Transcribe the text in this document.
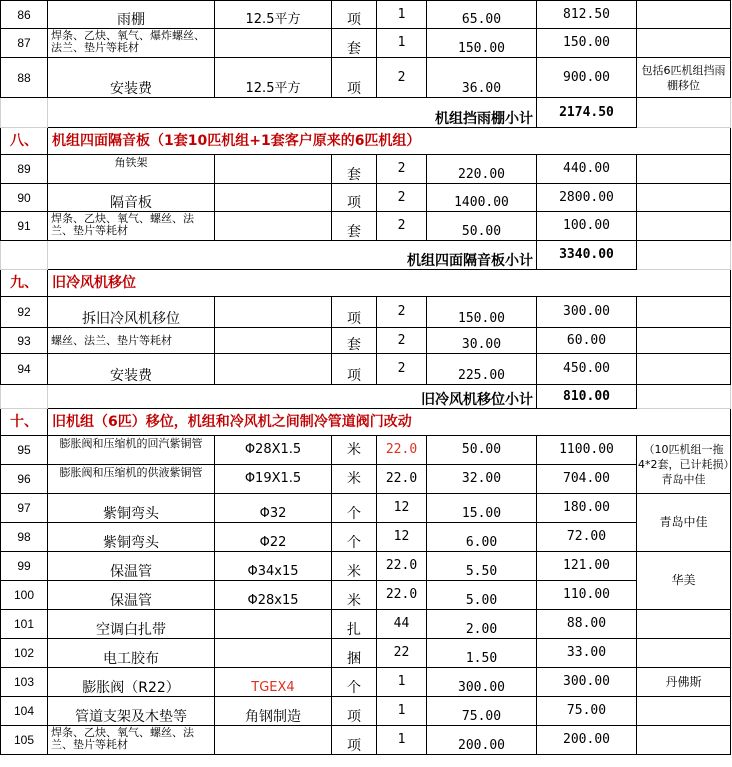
86	雨棚	12.5平方	项	1	65.00	812.50	
87	焊条、乙炔、氧气、爆炸螺丝、法兰、垫片等耗材		套	1	150.00	150.00	
88	安装费	12.5平方	项	2	36.00	900.00	包括6匹机组挡雨棚移位
	机组挡雨棚小计					2174.50	
八、	机组四面隔音板（1套10匹机组+1套客户原来的6匹机组）						
89	角铁架		套	2	220.00	440.00	
90	隔音板		项	2	1400.00	2800.00	
91	焊条、乙炔、氧气、螺丝、法兰、垫片等耗材		套	2	50.00	100.00	
	机组四面隔音板小计					3340.00	
九、	旧冷风机移位						
92	拆旧冷风机移位		项	2	150.00	300.00	
93	螺丝、法兰、垫片等耗材		套	2	30.00	60.00	
94	安装费		项	2	225.00	450.00	
	旧冷风机移位小计					810.00	
十、	旧机组（6匹）移位，机组和冷风机之间制冷管道阀门改动						
95	膨胀阀和压缩机的回汽紫铜管	Φ28X1.5	米	22.0	50.00	1100.00	（10匹机组一拖4*2套，已计耗损）青岛中佳
96	膨胀阀和压缩机的供液紫铜管	Φ19X1.5	米	22.0	32.00	704.00	
97	紫铜弯头	Φ32	个	12	15.00	180.00	青岛中佳
98	紫铜弯头	Φ22	个	12	6.00	72.00	
99	保温管	Φ34x15	米	22.0	5.50	121.00	华美
100	保温管	Φ28x15	米	22.0	5.00	110.00	
101	空调白扎带		扎	44	2.00	88.00	
102	电工胶布		捆	22	1.50	33.00	
103	膨胀阀（R22）	TGEX4	个	1	300.00	300.00	丹佛斯
104	管道支架及木垫等	角钢制造	项	1	75.00	75.00	
105	焊条、乙炔、氧气、螺丝、法兰、垫片等耗材		项	1	200.00	200.00	
